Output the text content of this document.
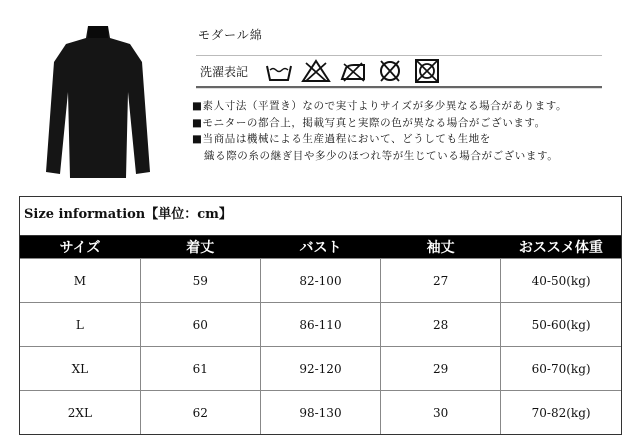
モダール綿
洗濯表記
■素人寸法（平置き）なので実寸よりサイズが多少異なる場合があります。
■モニターの都合上，掲載写真と実際の色が異なる場合がございます。
■当商品は機械による生産過程において、どうしても生地を
織る際の糸の継ぎ目や多少のほつれ等が生じている場合がございます。
Size information【単位：cm】
サイズ	着丈	バスト	袖丈	おススメ体重
M	59	82-100	27	40-50(kg)
L	60	86-110	28	50-60(kg)
XL	61	92-120	29	60-70(kg)
2XL	62	98-130	30	70-82(kg)
